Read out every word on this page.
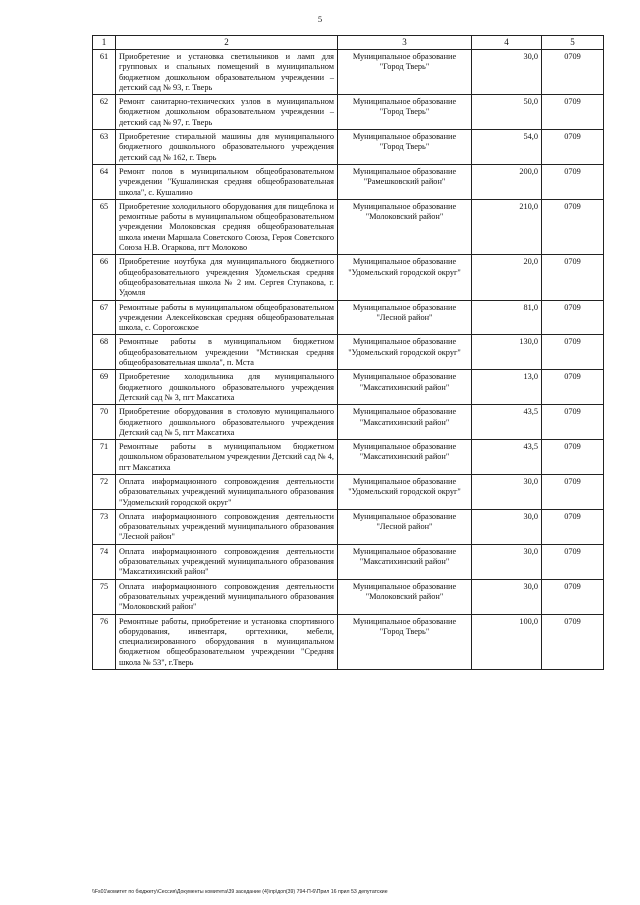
5
1	2	3	4	5
61	Приобретение и установка светильников и ламп для групповых и спальных помещений в муниципальном бюджетном дошкольном образовательном учреждении – детский сад № 93, г. Тверь	Муниципальное образование "Город Тверь"	30,0	0709
62	Ремонт санитарно-технических узлов в муниципальном бюджетном дошкольном образовательном учреждении – детский сад № 97, г. Тверь	Муниципальное образование "Город Тверь"	50,0	0709
63	Приобретение стиральной машины для муниципального бюджетного дошкольного образовательного учреждения детский сад № 162, г. Тверь	Муниципальное образование "Город Тверь"	54,0	0709
64	Ремонт полов в муниципальном общеобразовательном учреждении "Кушалинская средняя общеобразовательная школа", с. Кушалино	Муниципальное образование "Рамешковский район"	200,0	0709
65	Приобретение холодильного оборудования для пищеблока и ремонтные работы в муниципальном общеобразовательном учреждении Молоковская средняя общеобразовательная школа имени Маршала Советского Союза, Героя Советского Союза Н.В. Огаркова, пгт Молоково	Муниципальное образование "Молоковский район"	210,0	0709
66	Приобретение ноутбука для муниципального бюджетного общеобразовательного учреждения Удомельская средняя общеобразовательная школа № 2 им. Сергея Ступакова, г. Удомля	Муниципальное образование "Удомельский городской округ"	20,0	0709
67	Ремонтные работы в муниципальном общеобразовательном учреждении Алексейковская средняя общеобразовательная школа, с. Сорогожское	Муниципальное образование "Лесной район"	81,0	0709
68	Ремонтные работы в муниципальном бюджетном общеобразовательном учреждении "Мстинская средняя общеобразовательная школа", п. Мста	Муниципальное образование "Удомельский городской округ"	130,0	0709
69	Приобретение холодильника для муниципального бюджетного дошкольного образовательного учреждения Детский сад № 3, пгт Максатиха	Муниципальное образование "Максатихинский район"	13,0	0709
70	Приобретение оборудования в столовую муниципального бюджетного дошкольного образовательного учреждения Детский сад № 5, пгт Максатиха	Муниципальное образование "Максатихинский район"	43,5	0709
71	Ремонтные работы в муниципальном бюджетном дошкольном образовательном учреждении Детский сад № 4, пгт Максатиха	Муниципальное образование "Максатихинский район"	43,5	0709
72	Оплата информационного сопровождения деятельности образовательных учреждений муниципального образования "Удомельский городской округ"	Муниципальное образование "Удомельский городской округ"	30,0	0709
73	Оплата информационного сопровождения деятельности образовательных учреждений муниципального образования "Лесной район"	Муниципальное образование "Лесной район"	30,0	0709
74	Оплата информационного сопровождения деятельности образовательных учреждений муниципального образования "Максатихинский район"	Муниципальное образование "Максатихинский район"	30,0	0709
75	Оплата информационного сопровождения деятельности образовательных учреждений муниципального образования "Молоковский район"	Муниципальное образование "Молоковский район"	30,0	0709
76	Ремонтные работы, приобретение и установка спортивного оборудования, инвентаря, оргтехники, мебели, специализированного оборудования в муниципальном бюджетном общеобразовательном учреждении "Средняя школа № 53", г.Тверь	Муниципальное образование "Город Тверь"	100,0	0709
\\Fs01\комитет по бюджету\Сессия\Документы комитета\39 заседание (4)\пр\доп(39) 794-П-6\Прил 16 прил 53 депутатские
